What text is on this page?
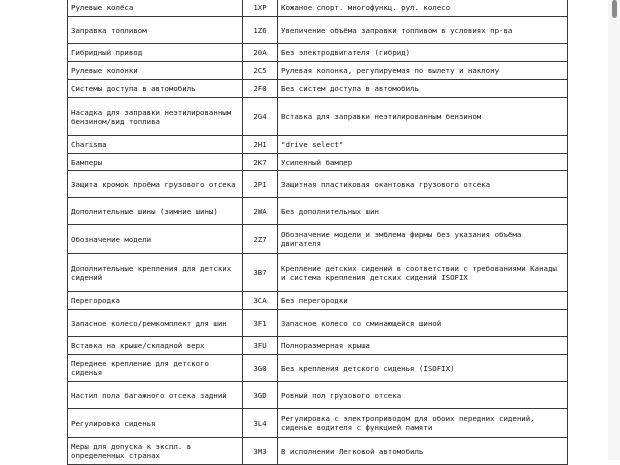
Рулевые колёса	1XP	Кожаное спорт. многофункц. рул. колесо
Заправка топливом	1Z6	Увеличение объёма заправки топливом в условиях пр-ва
Гибридный привод	20A	Без электродвигателя (гибрид)
Рулевые колонки	2C5	Рулевая колонка, регулируемая по вылету и наклону
Системы доступа в автомобиль	2F0	Без систем доступа в автомобиль
Насадка для заправки неэтилированным бензином/вид топлива	2G4	Вставка для заправки неэтилированным бензином
Charisma	2H1	"drive select"
Бамперы	2K7	Усиленный бампер
Защита кромок проёма грузового отсека	2P1	Защитная пластиковая окантовка грузового отсека
Дополнительные шины (зимние шины)	2WA	Без дополнительных шин
Обозначение модели	2Z7	Обозначение модели и эмблема фирмы без указания объёма двигателя
Дополнительные крепления для детских сидений	3B7	Крепление детских сидений в соответствии с требованиями Канады и система крепления детских сидений ISOFIX
Перегородка	3CA	Без перегородки
Запасное колесо/ремкомплект для шин	3F1	Запасное колесо со сминающейся шиной
Вставка на крыше/складной верх	3FU	Полноразмерная крыша
Переднее крепление для детского сиденья	3G0	Без крепления детского сиденья (ISOFIX)
Настил пола багажного отсека задний	3GD	Ровный пол грузового отсека
Регулировка сиденья	3L4	Регулировка с электроприводом для обоих передних сидений, сиденье водителя с функцией памяти
Меры для допуска к экспл. в определенных странах	3M3	В исполнении Легковой автомобиль
